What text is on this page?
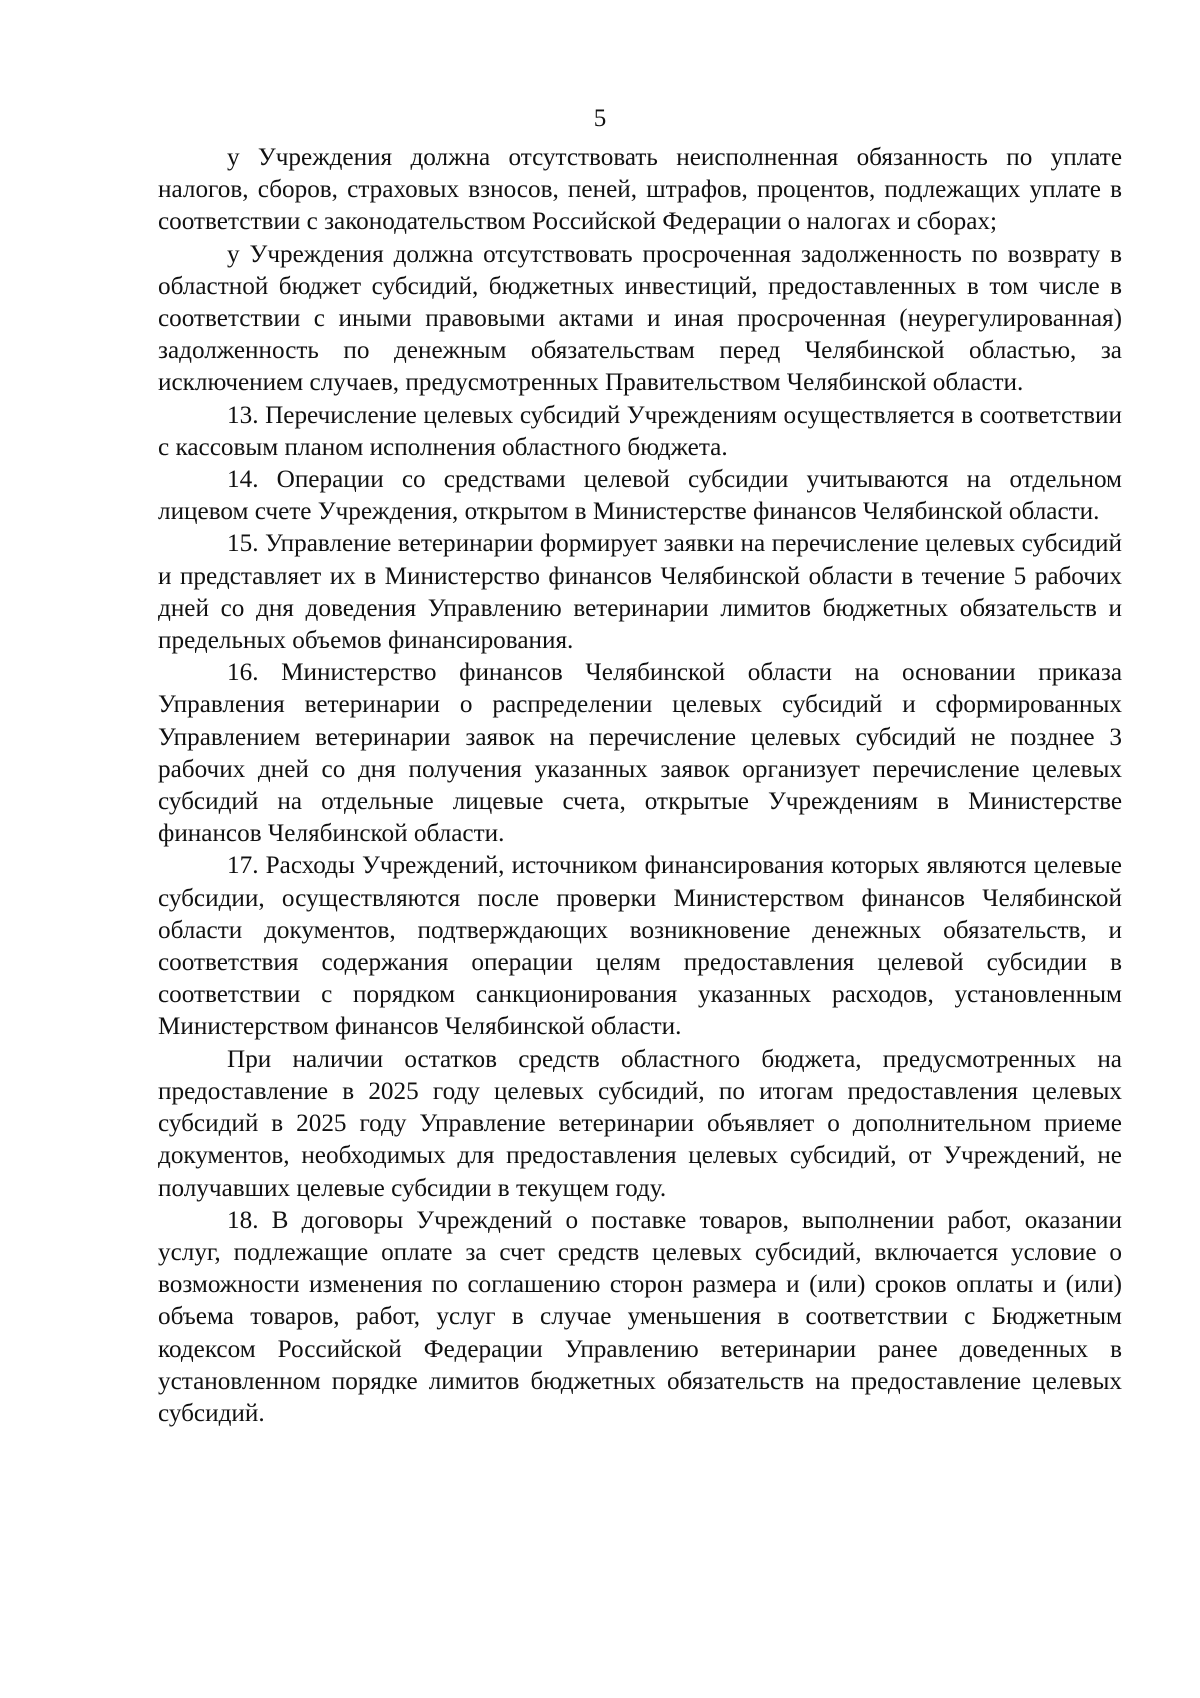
5

у Учреждения должна отсутствовать неисполненная обязанность по уплате налогов, сборов, страховых взносов, пеней, штрафов, процентов, подлежащих уплате в соответствии с законодательством Российской Федерации о налогах и сборах;

у Учреждения должна отсутствовать просроченная задолженность по возврату в областной бюджет субсидий, бюджетных инвестиций, предоставленных в том числе в соответствии с иными правовыми актами и иная просроченная (неурегулированная) задолженность по денежным обязательствам перед Челябинской областью, за исключением случаев, предусмотренных Правительством Челябинской области.

13. Перечисление целевых субсидий Учреждениям осуществляется в соответствии с кассовым планом исполнения областного бюджета.

14. Операции со средствами целевой субсидии учитываются на отдельном лицевом счете Учреждения, открытом в Министерстве финансов Челябинской области.

15. Управление ветеринарии формирует заявки на перечисление целевых субсидий и представляет их в Министерство финансов Челябинской области в течение 5 рабочих дней со дня доведения Управлению ветеринарии лимитов бюджетных обязательств и предельных объемов финансирования.

16. Министерство финансов Челябинской области на основании приказа Управления ветеринарии о распределении целевых субсидий и сформированных Управлением ветеринарии заявок на перечисление целевых субсидий не позднее 3 рабочих дней со дня получения указанных заявок организует перечисление целевых субсидий на отдельные лицевые счета, открытые Учреждениям в Министерстве финансов Челябинской области.

17. Расходы Учреждений, источником финансирования которых являются целевые субсидии, осуществляются после проверки Министерством финансов Челябинской области документов, подтверждающих возникновение денежных обязательств, и соответствия содержания операции целям предоставления целевой субсидии в соответствии с порядком санкционирования указанных расходов, установленным Министерством финансов Челябинской области.

При наличии остатков средств областного бюджета, предусмотренных на предоставление в 2025 году целевых субсидий, по итогам предоставления целевых субсидий в 2025 году Управление ветеринарии объявляет о дополнительном приеме документов, необходимых для предоставления целевых субсидий, от Учреждений, не получавших целевые субсидии в текущем году.

18. В договоры Учреждений о поставке товаров, выполнении работ, оказании услуг, подлежащие оплате за счет средств целевых субсидий, включается условие о возможности изменения по соглашению сторон размера и (или) сроков оплаты и (или) объема товаров, работ, услуг в случае уменьшения в соответствии с Бюджетным кодексом Российской Федерации Управлению ветеринарии ранее доведенных в установленном порядке лимитов бюджетных обязательств на предоставление целевых субсидий.
